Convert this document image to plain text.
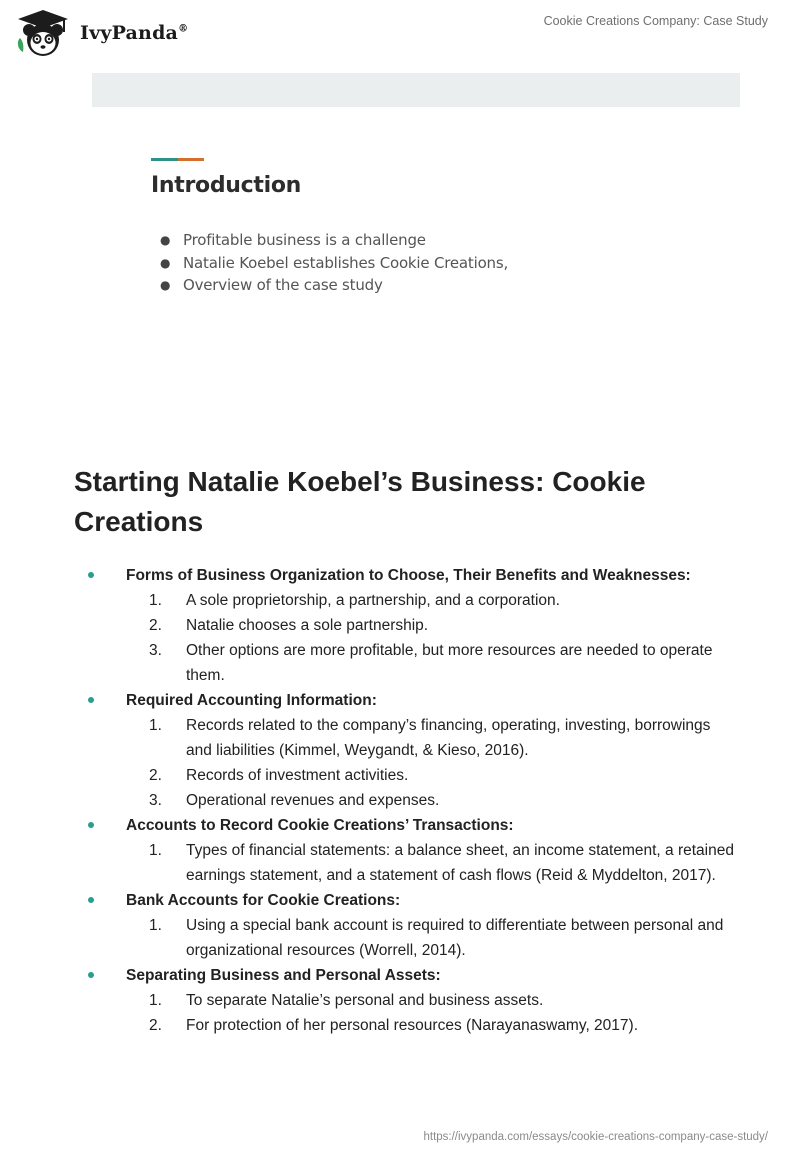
IvyPanda®
Cookie Creations Company: Case Study
Introduction
● Profitable business is a challenge
● Natalie Koebel establishes Cookie Creations,
● Overview of the case study
Starting Natalie Koebel’s Business: Cookie Creations
Forms of Business Organization to Choose, Their Benefits and Weaknesses:
1. A sole proprietorship, a partnership, and a corporation.
2. Natalie chooses a sole partnership.
3. Other options are more profitable, but more resources are needed to operate them.
Required Accounting Information:
1. Records related to the company’s financing, operating, investing, borrowings and liabilities (Kimmel, Weygandt, & Kieso, 2016).
2. Records of investment activities.
3. Operational revenues and expenses.
Accounts to Record Cookie Creations’ Transactions:
1. Types of financial statements: a balance sheet, an income statement, a retained earnings statement, and a statement of cash flows (Reid & Myddelton, 2017).
Bank Accounts for Cookie Creations:
1. Using a special bank account is required to differentiate between personal and organizational resources (Worrell, 2014).
Separating Business and Personal Assets:
1. To separate Natalie’s personal and business assets.
2. For protection of her personal resources (Narayanaswamy, 2017).
https://ivypanda.com/essays/cookie-creations-company-case-study/
